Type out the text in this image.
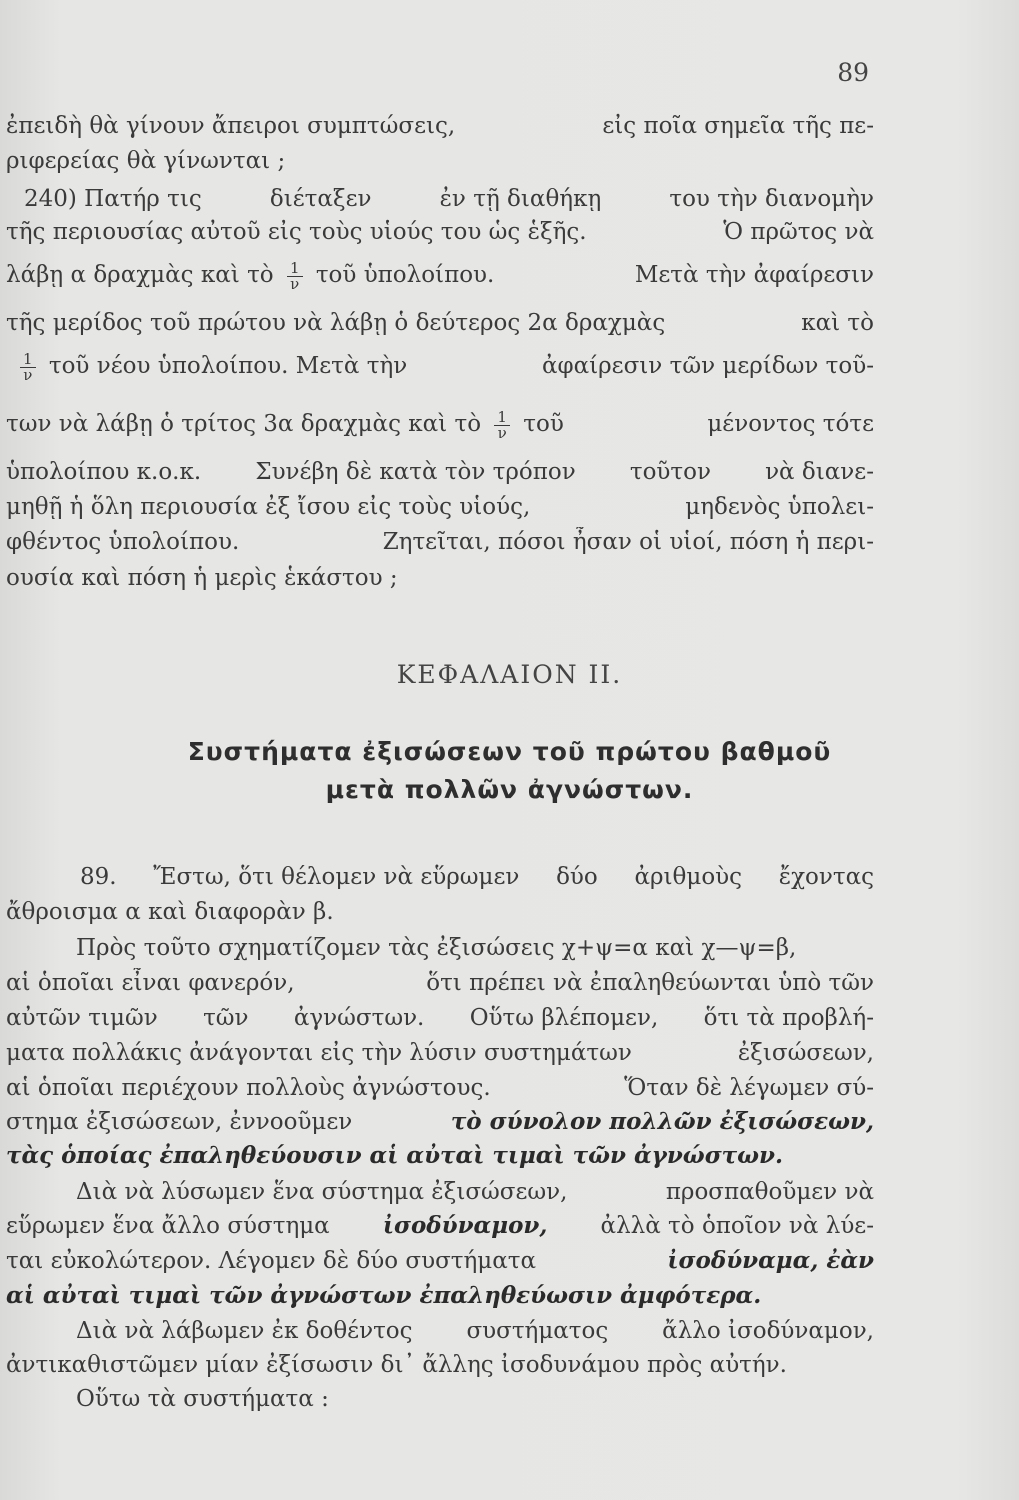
89
ἐπειδὴ θὰ γίνουν ἄπειροι συμπτώσεις,	εἰς ποῖα σημεῖα τῆς πε-
ριφερείας θὰ γίνωνται ;
240) Πατήρ τις	διέταξεν	ἐν τῇ διαθήκῃ	του τὴν διανομὴν
τῆς περιουσίας αὐτοῦ εἰς τοὺς υἱούς του ὡς ἑξῆς.	Ὁ πρῶτος νὰ
λάβῃ α δραχμὰς καὶ τὸ $\frac{1}{\nu}$ τοῦ ὑπολοίπου.	Μετὰ τὴν ἀφαίρεσιν
τῆς μερίδος τοῦ πρώτου νὰ λάβῃ ὁ δεύτερος 2α δραχμὰς	καὶ τὸ
$\frac{1}{\nu}$ τοῦ νέου ὑπολοίπου. Μετὰ τὴν	ἀφαίρεσιν τῶν μερίδων τοῦ-
των νὰ λάβῃ ὁ τρίτος 3α δραχμὰς καὶ τὸ $\frac{1}{\nu}$ τοῦ	μένοντος τότε
ὑπολοίπου κ.ο.κ. Συνέβη δὲ κατὰ τὸν τρόπον τοῦτον νὰ διανε-
μηθῇ ἡ ὅλη περιουσία ἐξ ἴσου εἰς τοὺς υἱούς,	μηδενὸς ὑπολει-
φθέντος ὑπολοίπου.	Ζητεῖται, πόσοι ἦσαν οἱ υἱοί, πόση ἡ περι-
ουσία καὶ πόση ἡ μερὶς ἑκάστου ;
ΚΕΦΑΛΑΙΟΝ ΙΙ.
Συστήματα ἐξισώσεων τοῦ πρώτου βαθμοῦ
μετὰ πολλῶν ἀγνώστων.
89. Ἔστω, ὅτι θέλομεν νὰ εὕρωμεν δύο ἀριθμοὺς ἔχοντας
ἄθροισμα α καὶ διαφορὰν β.
Πρὸς τοῦτο σχηματίζομεν τὰς ἐξισώσεις χ+ψ=α καὶ χ—ψ=β,
αἱ ὁποῖαι εἶναι φανερόν,	ὅτι πρέπει νὰ ἐπαληθεύωνται ὑπὸ τῶν
αὐτῶν τιμῶν τῶν ἀγνώστων. Οὕτω βλέπομεν, ὅτι τὰ προβλή-
ματα πολλάκις ἀνάγονται εἰς τὴν λύσιν συστημάτων	ἐξισώσεων,
αἱ ὁποῖαι περιέχουν πολλοὺς ἀγνώστους.	Ὅταν δὲ λέγωμεν σύ-
στημα ἐξισώσεων, ἐννοοῦμεν	τὸ σύνολον πολλῶν ἐξισώσεων,
τὰς ὁποίας ἐπαληθεύουσιν αἱ αὐταὶ τιμαὶ τῶν ἀγνώστων.
Διὰ νὰ λύσωμεν ἕνα σύστημα ἐξισώσεων,	προσπαθοῦμεν νὰ
εὕρωμεν ἕνα ἄλλο σύστημα ἰσοδύναμον, ἀλλὰ τὸ ὁποῖον νὰ λύε-
ται εὐκολώτερον. Λέγομεν δὲ δύο συστήματα	ἰσοδύναμα, ἐὰν
αἱ αὐταὶ τιμαὶ τῶν ἀγνώστων ἐπαληθεύωσιν ἀμφότερα.
Διὰ νὰ λάβωμεν ἐκ δοθέντος συστήματος ἄλλο ἰσοδύναμον,
ἀντικαθιστῶμεν μίαν ἐξίσωσιν δι᾽ ἄλλης ἰσοδυνάμου πρὸς αὐτήν.
Οὕτω τὰ συστήματα :
